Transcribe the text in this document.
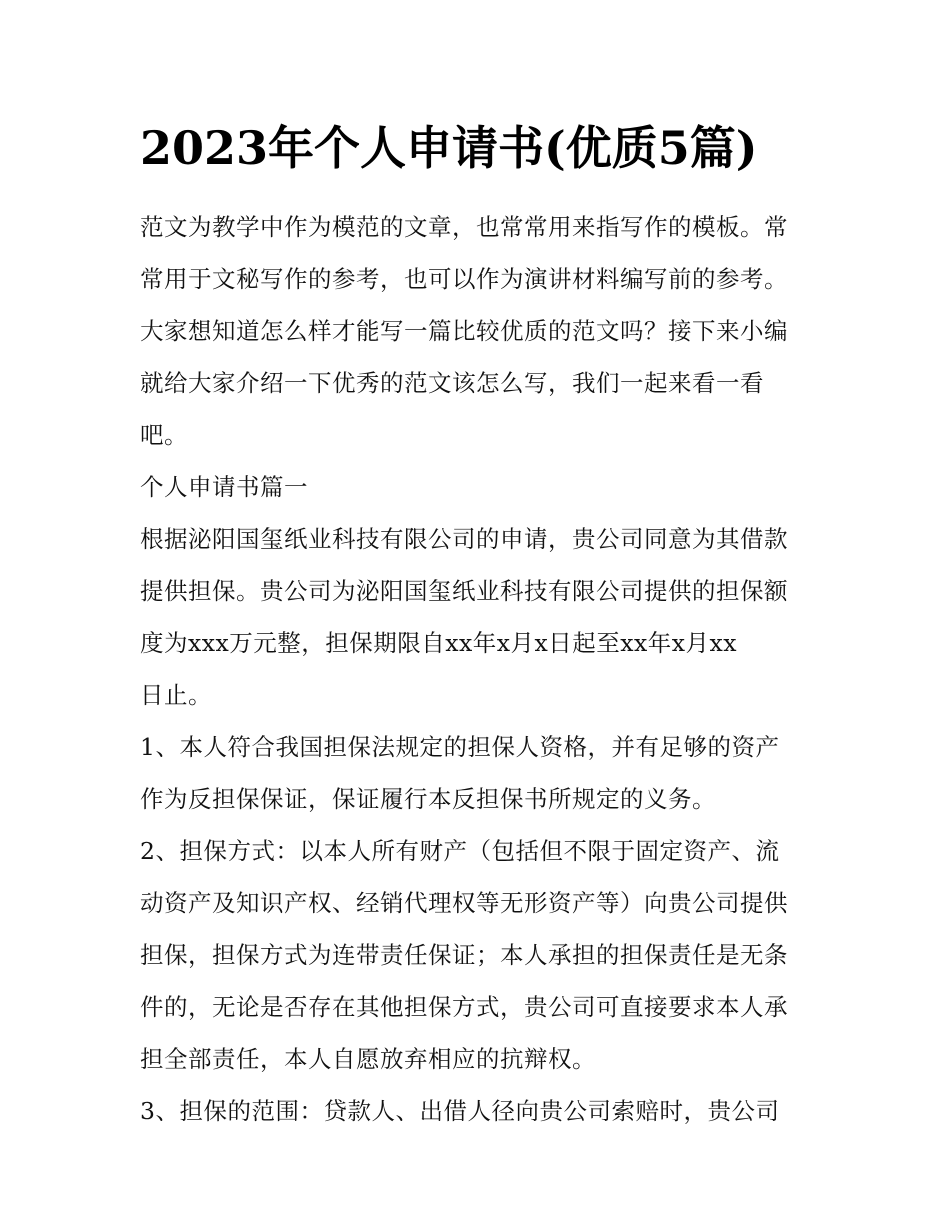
2023年个人申请书(优质5篇)

范文为教学中作为模范的文章，也常常用来指写作的模板。常
常用于文秘写作的参考，也可以作为演讲材料编写前的参考。
大家想知道怎么样才能写一篇比较优质的范文吗？接下来小编
就给大家介绍一下优秀的范文该怎么写，我们一起来看一看
吧。

个人申请书篇一

根据泌阳国玺纸业科技有限公司的申请，贵公司同意为其借款
提供担保。贵公司为泌阳国玺纸业科技有限公司提供的担保额
度为xxx万元整，担保期限自xx年x月x日起至xx年x月xx
日止。

1、本人符合我国担保法规定的担保人资格，并有足够的资产
作为反担保保证，保证履行本反担保书所规定的义务。

2、担保方式：以本人所有财产（包括但不限于固定资产、流
动资产及知识产权、经销代理权等无形资产等）向贵公司提供
担保，担保方式为连带责任保证；本人承担的担保责任是无条
件的，无论是否存在其他担保方式，贵公司可直接要求本人承
担全部责任，本人自愿放弃相应的抗辩权。

3、担保的范围：贷款人、出借人径向贵公司索赔时，贵公司
